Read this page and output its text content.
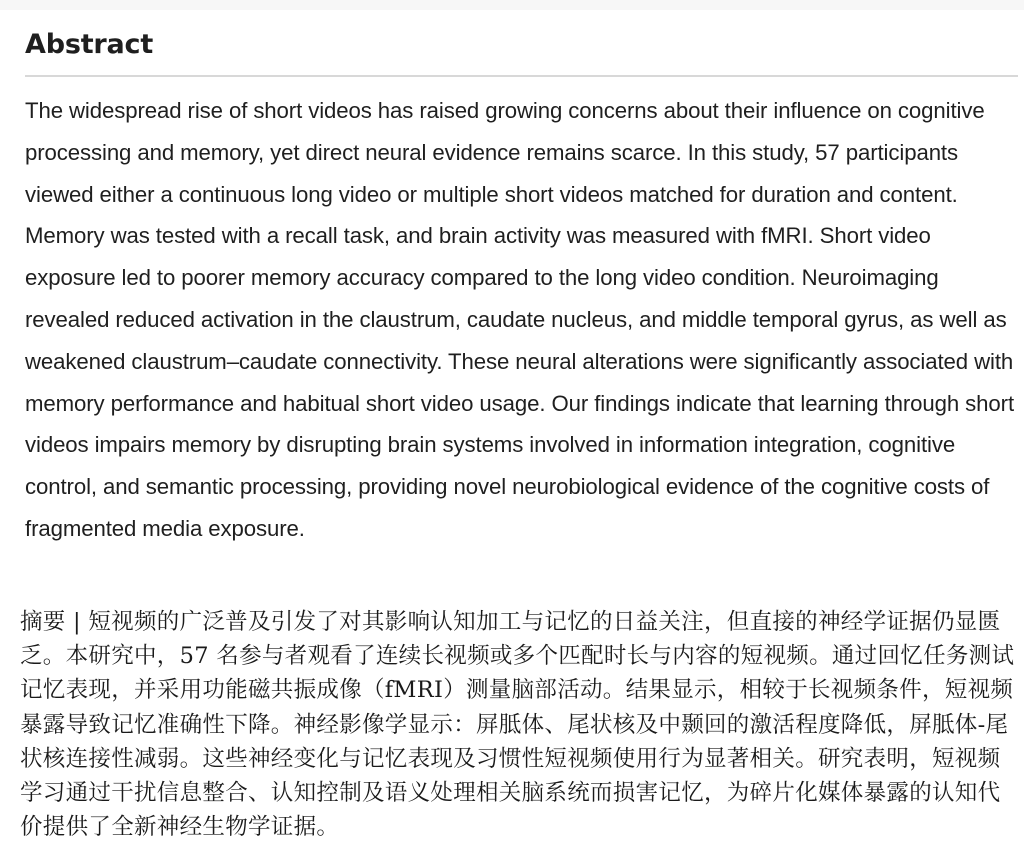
Abstract

The widespread rise of short videos has raised growing concerns about their influence on cognitive processing and memory, yet direct neural evidence remains scarce. In this study, 57 participants viewed either a continuous long video or multiple short videos matched for duration and content. Memory was tested with a recall task, and brain activity was measured with fMRI. Short video exposure led to poorer memory accuracy compared to the long video condition. Neuroimaging revealed reduced activation in the claustrum, caudate nucleus, and middle temporal gyrus, as well as weakened claustrum–caudate connectivity. These neural alterations were significantly associated with memory performance and habitual short video usage. Our findings indicate that learning through short videos impairs memory by disrupting brain systems involved in information integration, cognitive control, and semantic processing, providing novel neurobiological evidence of the cognitive costs of fragmented media exposure.

摘要 | 短视频的广泛普及引发了对其影响认知加工与记忆的日益关注，但直接的神经学证据仍显匮乏。本研究中，57 名参与者观看了连续长视频或多个匹配时长与内容的短视频。通过回忆任务测试记忆表现，并采用功能磁共振成像（fMRI）测量脑部活动。结果显示，相较于长视频条件，短视频暴露导致记忆准确性下降。神经影像学显示：屏胝体、尾状核及中颞回的激活程度降低，屏胝体-尾状核连接性减弱。这些神经变化与记忆表现及习惯性短视频使用行为显著相关。研究表明，短视频学习通过干扰信息整合、认知控制及语义处理相关脑系统而损害记忆，为碎片化媒体暴露的认知代价提供了全新神经生物学证据。
